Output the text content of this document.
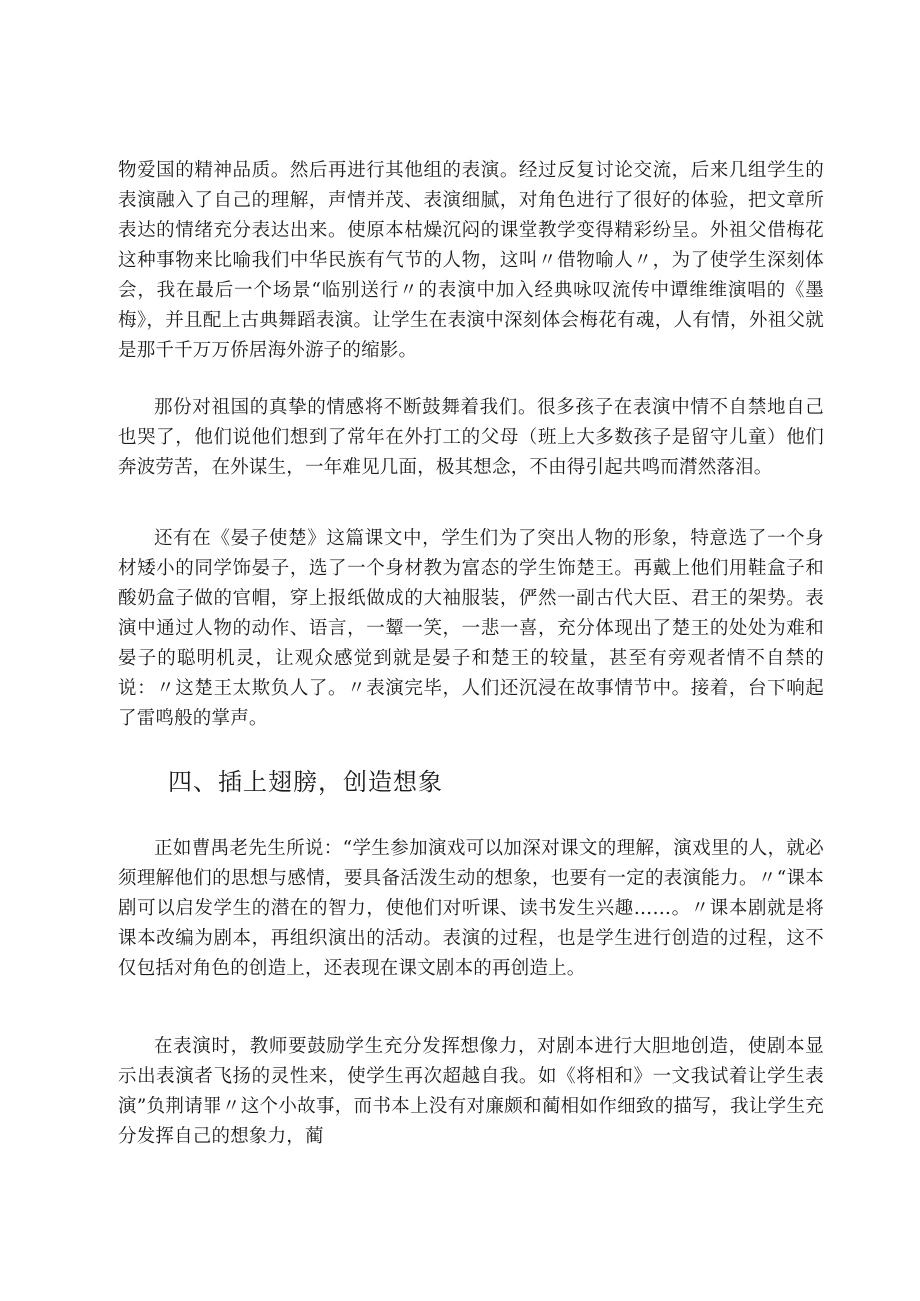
物爱国的精神品质。然后再进行其他组的表演。经过反复讨论交流，后来几组学生的表演融入了自己的理解，声情并茂、表演细腻，对角色进行了很好的体验，把文章所表达的情绪充分表达出来。使原本枯燥沉闷的课堂教学变得精彩纷呈。外祖父借梅花这种事物来比喻我们中华民族有气节的人物，这叫〃借物喻人〃，为了使学生深刻体会，我在最后一个场景“临别送行〃的表演中加入经典咏叹流传中谭维维演唱的《墨梅》，并且配上古典舞蹈表演。让学生在表演中深刻体会梅花有魂，人有情，外祖父就是那千千万万侨居海外游子的缩影。

那份对祖国的真挚的情感将不断鼓舞着我们。很多孩子在表演中情不自禁地自己也哭了，他们说他们想到了常年在外打工的父母（班上大多数孩子是留守儿童）他们奔波劳苦，在外谋生，一年难见几面，极其想念，不由得引起共鸣而潸然落泪。

还有在《晏子使楚》这篇课文中，学生们为了突出人物的形象，特意选了一个身材矮小的同学饰晏子，选了一个身材教为富态的学生饰楚王。再戴上他们用鞋盒子和酸奶盒子做的官帽，穿上报纸做成的大袖服装，俨然一副古代大臣、君王的架势。表演中通过人物的动作、语言，一颦一笑，一悲一喜，充分体现出了楚王的处处为难和晏子的聪明机灵，让观众感觉到就是晏子和楚王的较量，甚至有旁观者情不自禁的说：〃这楚王太欺负人了。〃表演完毕，人们还沉浸在故事情节中。接着，台下响起了雷鸣般的掌声。

四、插上翅膀，创造想象

正如曹禺老先生所说：“学生参加演戏可以加深对课文的理解，演戏里的人，就必须理解他们的思想与感情，要具备活泼生动的想象，也要有一定的表演能力。〃“课本剧可以启发学生的潜在的智力，使他们对听课、读书发生兴趣……。〃课本剧就是将课本改编为剧本，再组织演出的活动。表演的过程，也是学生进行创造的过程，这不仅包括对角色的创造上，还表现在课文剧本的再创造上。

在表演时，教师要鼓励学生充分发挥想像力，对剧本进行大胆地创造，使剧本显示出表演者飞扬的灵性来，使学生再次超越自我。如《将相和》一文我试着让学生表演”负荆请罪〃这个小故事，而书本上没有对廉颇和蔺相如作细致的描写，我让学生充分发挥自己的想象力，蔺
